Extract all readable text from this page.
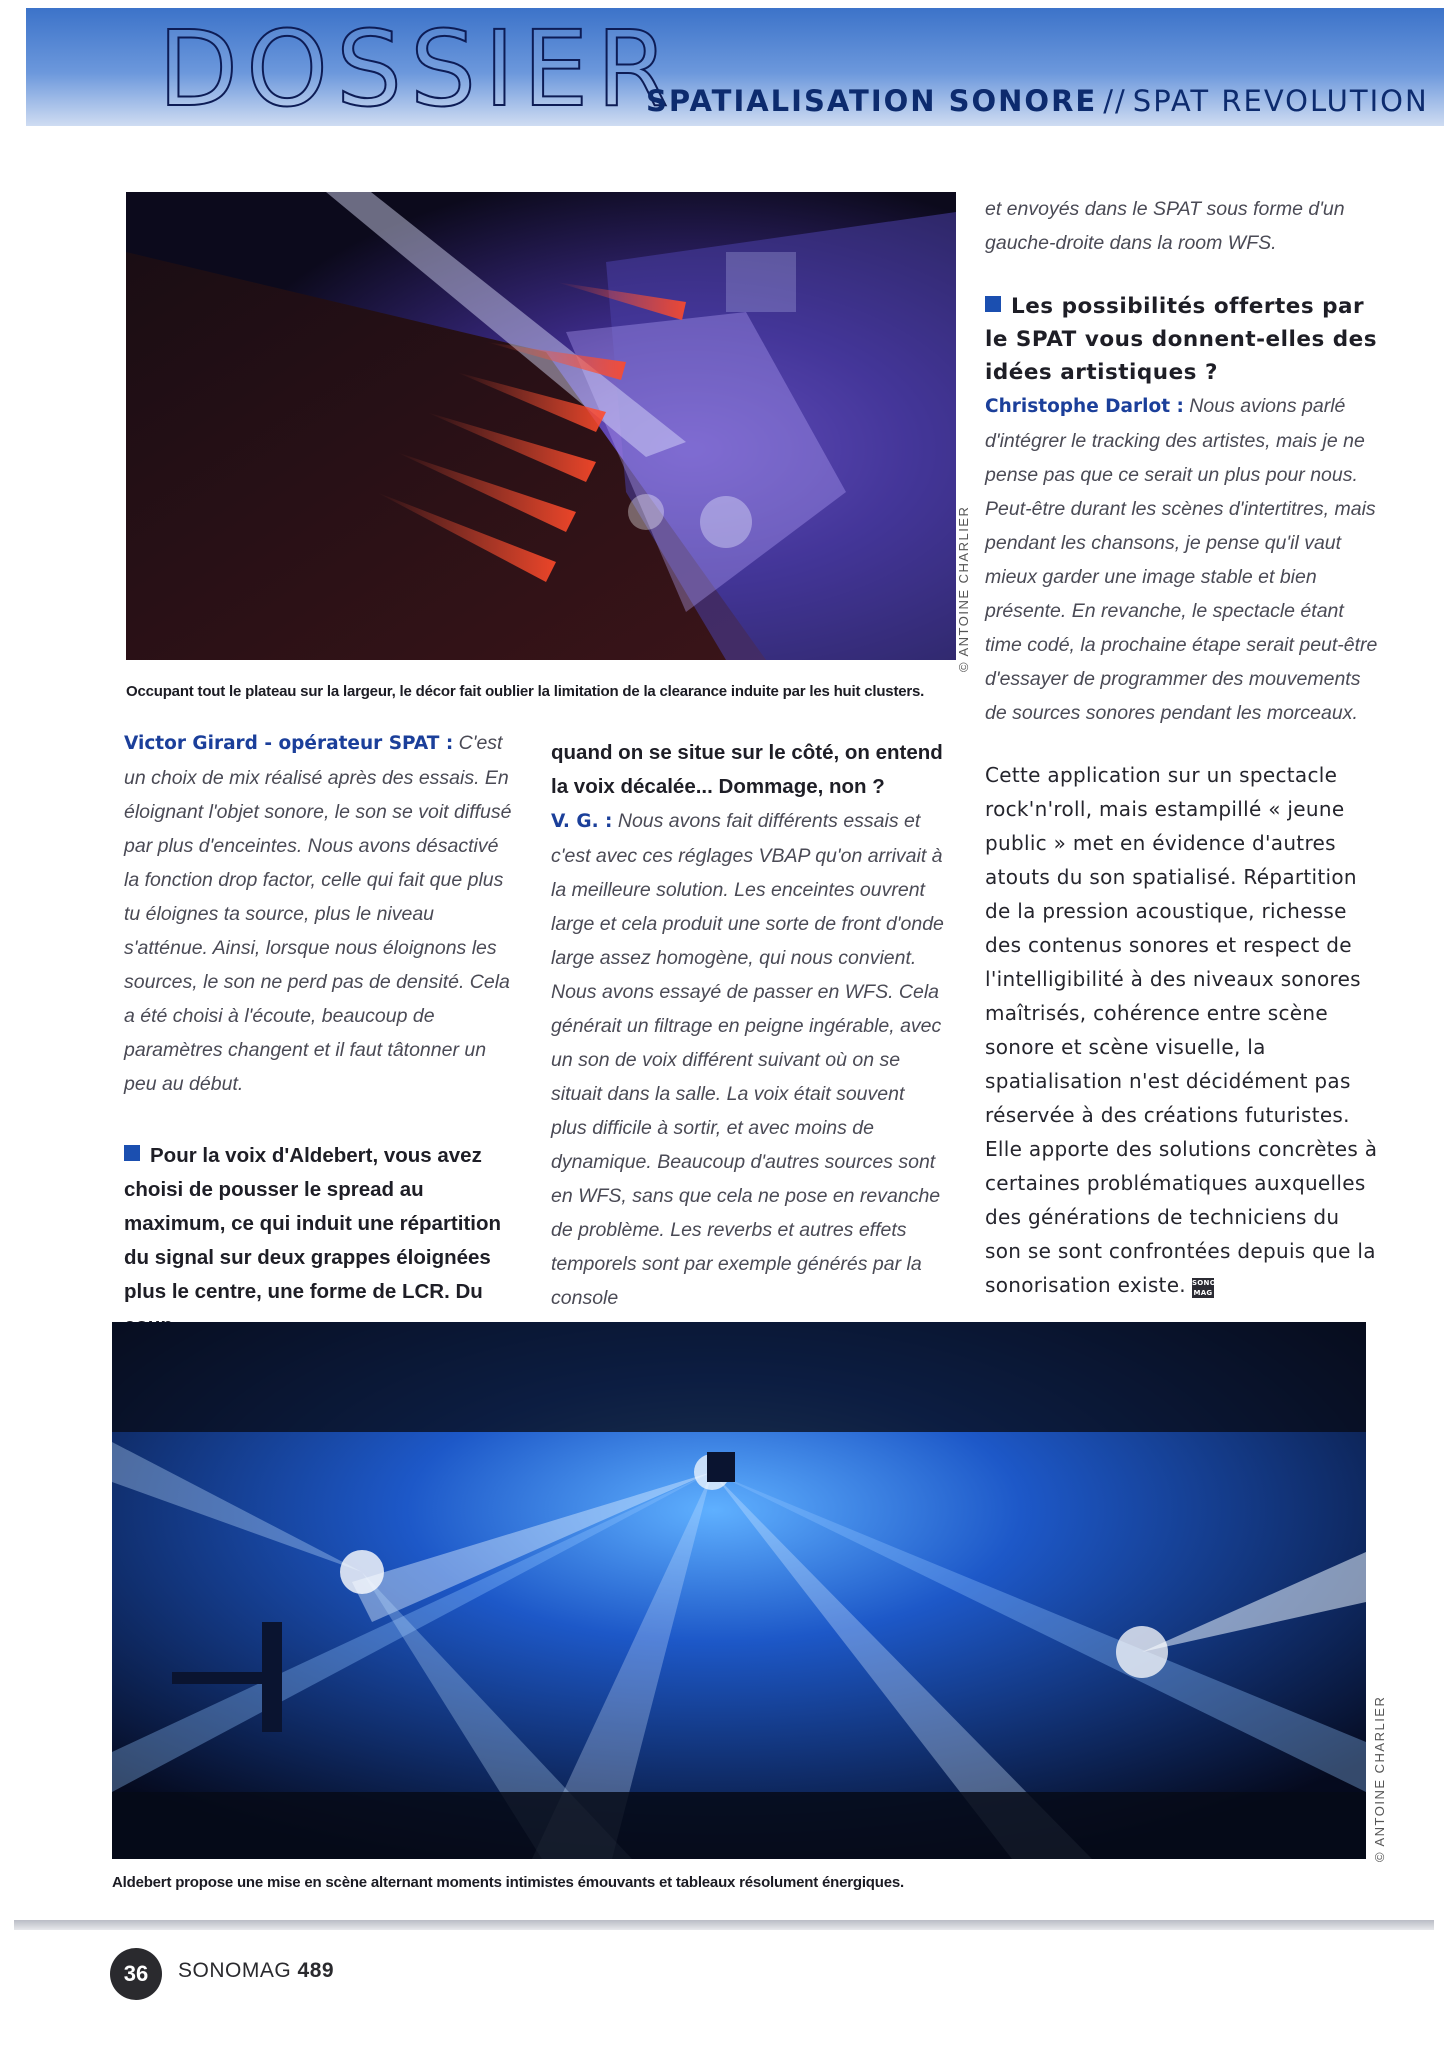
DOSSIER
SPATIALISATION SONORE // SPAT REVOLUTION
© ANTOINE CHARLIER
Occupant tout le plateau sur la largeur, le décor fait oublier la limitation de la clearance induite par les huit clusters.

Victor Girard - opérateur SPAT : C'est un choix de mix réalisé après des essais. En éloignant l'objet sonore, le son se voit diffusé par plus d'enceintes. Nous avons désactivé la fonction drop factor, celle qui fait que plus tu éloignes ta source, plus le niveau s'atténue. Ainsi, lorsque nous éloignons les sources, le son ne perd pas de densité. Cela a été choisi à l'écoute, beaucoup de paramètres changent et il faut tâtonner un peu au début.

Pour la voix d'Aldebert, vous avez choisi de pousser le spread au maximum, ce qui induit une répartition du signal sur deux grappes éloignées plus le centre, une forme de LCR. Du

quand on se situe sur le côté, on entend la voix décalée... Dommage, non ?

V. G. : Nous avons fait différents essais et c'est avec ces réglages VBAP qu'on arrivait à la meilleure solution. Les enceintes ouvrent large et cela produit une sorte de front d'onde large assez homogène, qui nous convient. Nous avons essayé de passer en WFS. Cela générait un filtrage en peigne ingérable, avec un son de voix différent suivant où on se situait dans la salle. La voix était souvent plus difficile à sortir, et avec moins de dynamique. Beaucoup d'autres sources sont en WFS, sans que cela ne pose en revanche de problème. Les reverbs et autres effets temporels sont par exemple générés par la console

et envoyés dans le SPAT sous forme d'un gauche-droite dans la room WFS.

Les possibilités offertes par le SPAT vous donnent-elles des idées artistiques ?

Christophe Darlot : Nous avions parlé d'intégrer le tracking des artistes, mais je ne pense pas que ce serait un plus pour nous. Peut-être durant les scènes d'intertitres, mais pendant les chansons, je pense qu'il vaut mieux garder une image stable et bien présente. En revanche, le spectacle étant time codé, la prochaine étape serait peut-être d'essayer de programmer des mouvements de sources sonores pendant les morceaux.

Cette application sur un spectacle rock'n'roll, mais estampillé « jeune public » met en évidence d'autres atouts du son spatialisé. Répartition de la pression acoustique, richesse des contenus sonores et respect de l'intelligibilité à des niveaux sonores maîtrisés, cohérence entre scène sonore et scène visuelle, la spatialisation n'est décidément pas réservée à des créations futuristes. Elle apporte des solutions concrètes à certaines problématiques auxquelles des générations de techniciens du son se sont confrontées depuis que la sonorisation existe. SONO MAG

© ANTOINE CHARLIER
Aldebert propose une mise en scène alternant moments intimistes émouvants et tableaux résolument énergiques.
36	SONOMAG 489
